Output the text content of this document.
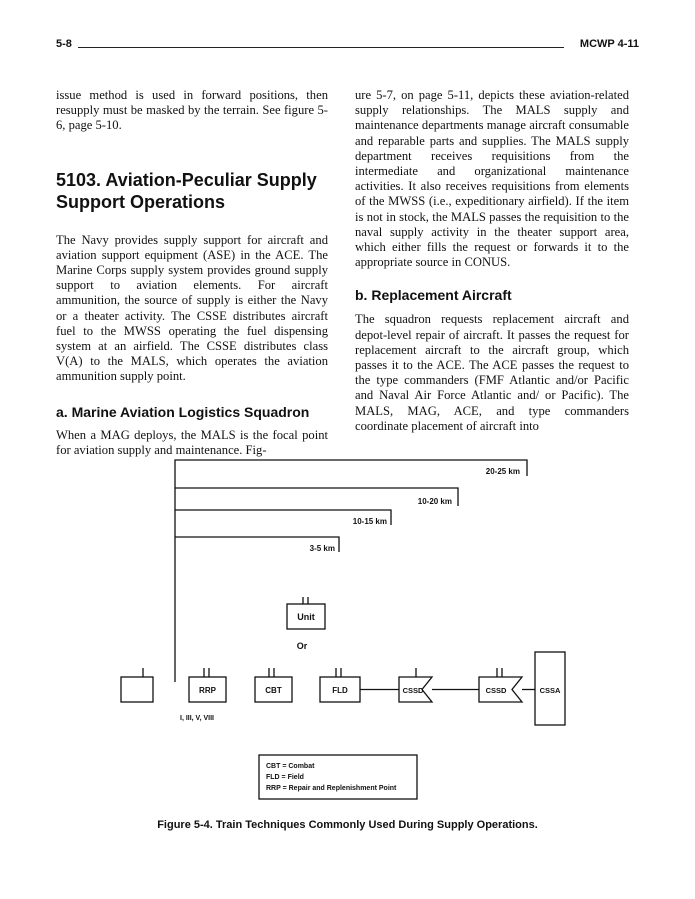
5-8	MCWP 4-11

issue method is used in forward positions, then resupply must be masked by the terrain. See figure 5-6, page 5-10.

5103. Aviation-Peculiar Supply Support Operations

The Navy provides supply support for aircraft and aviation support equipment (ASE) in the ACE. The Marine Corps supply system provides ground supply support to aviation elements. For aircraft ammunition, the source of supply is either the Navy or a theater activity. The CSSE distributes aircraft fuel to the MWSS operating the fuel dispensing system at an airfield. The CSSE distributes class V(A) to the MALS, which operates the aviation ammunition supply point.

a. Marine Aviation Logistics Squadron

When a MAG deploys, the MALS is the focal point for aviation supply and maintenance. Fig-

ure 5-7, on page 5-11, depicts these aviation-related supply relationships. The MALS supply and maintenance departments manage aircraft consumable and reparable parts and supplies. The MALS supply department receives requisitions from the intermediate and organizational maintenance activities. It also receives requisitions from elements of the MWSS (i.e., expeditionary airfield). If the item is not in stock, the MALS passes the requisition to the naval supply activity in the theater support area, which either fills the request or forwards it to the appropriate source in CONUS.

b. Replacement Aircraft

The squadron requests replacement aircraft and depot-level repair of aircraft. It passes the request for replacement aircraft to the aircraft group, which passes it to the ACE. The ACE passes the request to the type commanders (FMF Atlantic and/or Pacific and Naval Air Force Atlantic and/ or Pacific). The MALS, MAG, ACE, and type commanders coordinate placement of aircraft into

20-25 km
10-20 km
10-15 km
3-5 km
Unit
Or
RRP	CBT	FLD	CSSD	CSSD	CSSA
I, III, V, VIII
CBT = Combat
FLD = Field
RRP = Repair and Replenishment Point
Figure 5-4. Train Techniques Commonly Used During Supply Operations.
